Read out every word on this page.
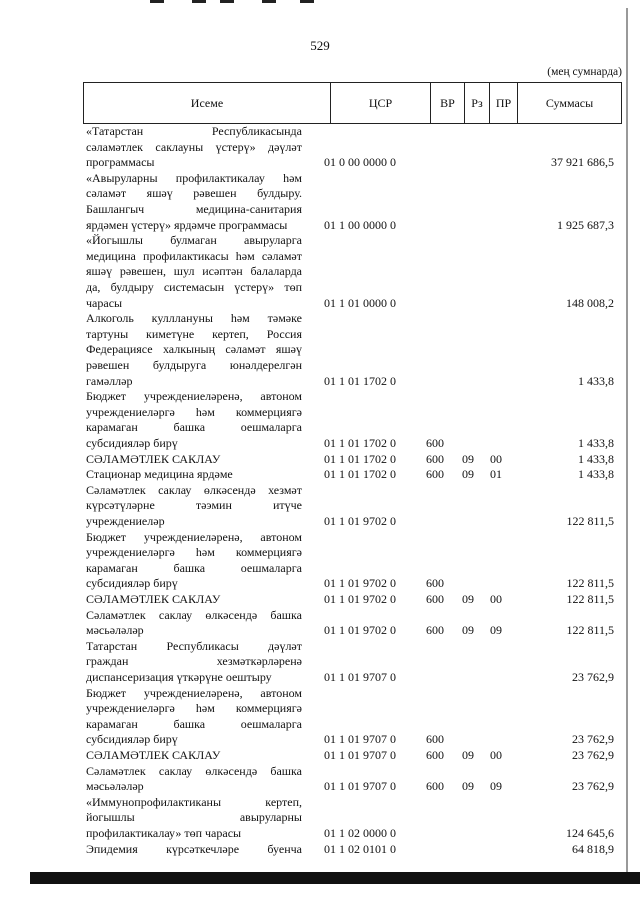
529
(мең сумнарда)
Исеме	ЦСР	ВР	Рз	ПР	Суммасы
«Татарстан Республикасында
сәламәтлек саклауны үстерү» дәүләт
программасы	01 0 00 0000 0	37 921 686,5
«Авыруларны профилактикалау һәм
сәламәт яшәү рәвешен булдыру.
Башлангыч медицина-санитария
ярдәмен үстерү» ярдәмче программасы	01 1 00 0000 0	1 925 687,3
«Йогышлы булмаган авыруларга
медицина профилактикасы һәм сәламәт
яшәү рәвешен, шул исәптән балаларда
да, булдыру системасын үстерү» төп
чарасы	01 1 01 0000 0	148 008,2
Алкоголь кулллануны һәм тәмәке
тартуны киметүне кертеп, Россия
Федерациясе халкының сәламәт яшәү
рәвешен булдыруга юнәлдерелгән
гамәлләр	01 1 01 1702 0	1 433,8
Бюджет учреждениеләренә, автоном
учреждениеләргә һәм коммерциягә
карамаган башка оешмаларга
субсидияләр бирү	01 1 01 1702 0	600	1 433,8
СӘЛАМӘТЛЕК САКЛАУ	01 1 01 1702 0	600 09 00	1 433,8
Стационар медицина ярдәме	01 1 01 1702 0	600 09 01	1 433,8
Сәламәтлек саклау өлкәсендә хезмәт
күрсәтүләрне тәэмин итүче
учреждениеләр	01 1 01 9702 0	122 811,5
Бюджет учреждениеләренә, автоном
учреждениеләргә һәм коммерциягә
карамаган башка оешмаларга
субсидияләр бирү	01 1 01 9702 0	600	122 811,5
СӘЛАМӘТЛЕК САКЛАУ	01 1 01 9702 0	600 09 00	122 811,5
Сәламәтлек саклау өлкәсендә башка
мәсьәләләр	01 1 01 9702 0	600 09 09	122 811,5
Татарстан Республикасы дәүләт
граждан хезмәткәрләренә
диспансеризация үткәрүне оештыру	01 1 01 9707 0	23 762,9
Бюджет учреждениеләренә, автоном
учреждениеләргә һәм коммерциягә
карамаган башка оешмаларга
субсидияләр бирү	01 1 01 9707 0	600	23 762,9
СӘЛАМӘТЛЕК САКЛАУ	01 1 01 9707 0	600 09 00	23 762,9
Сәламәтлек саклау өлкәсендә башка
мәсьәләләр	01 1 01 9707 0	600 09 09	23 762,9
«Иммунопрофилактиканы кертеп,
йогышлы авыруларны
профилактикалау» төп чарасы	01 1 02 0000 0	124 645,6
Эпидемия күрсәткечләре буенча 01 1 02 0101 0	64 818,9
